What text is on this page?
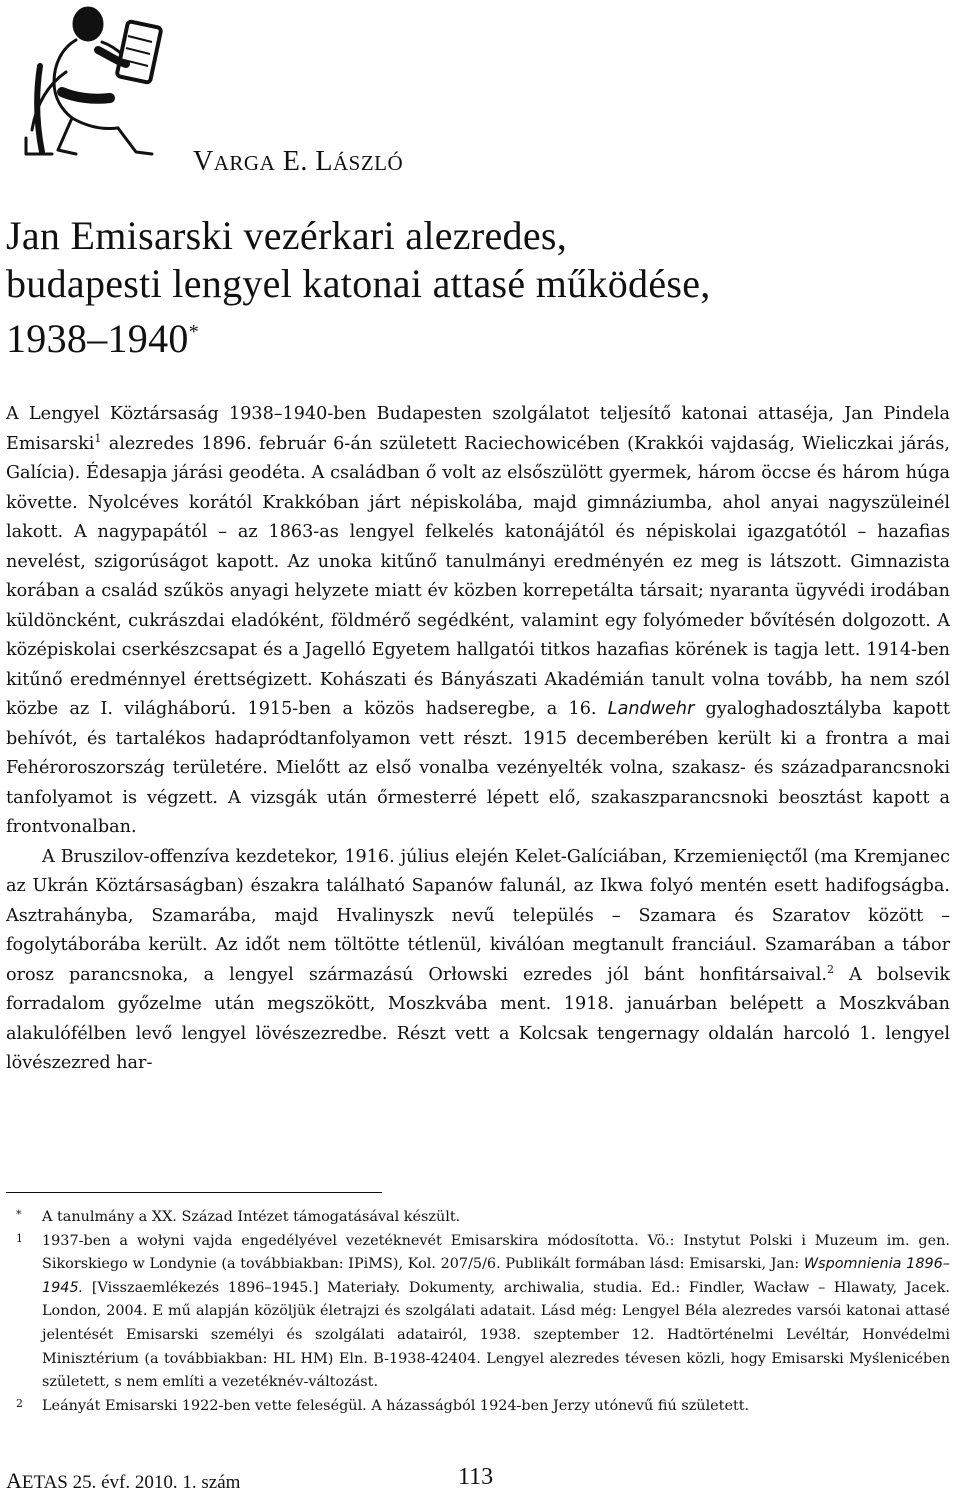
VARGA E. LÁSZLÓ
Jan Emisarski vezérkari alezredes,
budapesti lengyel katonai attasé működése,
1938–1940*

A Lengyel Köztársaság 1938–1940-ben Budapesten szolgálatot teljesítő katonai attaséja, Jan Pindela Emisarski$^1$ alezredes 1896. február 6-án született Raciechowicében (Krakkói vajdaság, Wieliczkai járás, Galícia). Édesapja járási geodéta. A családban ő volt az elsőszülött gyermek, három öccse és három húga követte. Nyolcéves korától Krakkóban járt népiskolába, majd gimnáziumba, ahol anyai nagyszüleinél lakott. A nagypapától – az 1863-as lengyel felkelés katonájától és népiskolai igazgatótól – hazafias nevelést, szigorúságot kapott. Az unoka kitűnő tanulmányi eredményén ez meg is látszott. Gimnazista korában a család szűkös anyagi helyzete miatt év közben korrepetálta társait; nyaranta ügyvédi irodában küldöncként, cukrászdai eladóként, földmérő segédként, valamint egy folyómeder bővítésén dolgozott. A középiskolai cserkészcsapat és a Jagelló Egyetem hallgatói titkos hazafias körének is tagja lett. 1914-ben kitűnő eredménnyel érettségizett. Kohászati és Bányászati Akadémián tanult volna tovább, ha nem szól közbe az I. világháború. 1915-ben a közös hadseregbe, a 16. Landwehr gyaloghadosztályba kapott behívót, és tartalékos hadapródtanfolyamon vett részt. 1915 decemberében került ki a frontra a mai Fehéroroszország területére. Mielőtt az első vonalba vezényelték volna, szakasz- és századparancsnoki tanfolyamot is végzett. A vizsgák után őrmesterré lépett elő, szakaszparancsnoki beosztást kapott a frontvonalban.

A Bruszilov-offenzíva kezdetekor, 1916. július elején Kelet-Galíciában, Krzemienięctől (ma Kremjanec az Ukrán Köztársaságban) északra található Sapanów falunál, az Ikwa folyó mentén esett hadifogságba. Asztrahányba, Szamarába, majd Hvalinyszk nevű település – Szamara és Szaratov között – fogolytáborába került. Az időt nem töltötte tétlenül, kiválóan megtanult franciául. Szamarában a tábor orosz parancsnoka, a lengyel származású Orłowski ezredes jól bánt honfitársaival.$^2$ A bolsevik forradalom győzelme után megszökött, Moszkvába ment. 1918. januárban belépett a Moszkvában alakulófélben levő lengyel lövészezredbe. Részt vett a Kolcsak tengernagy oldalán harcoló 1. lengyel lövészezred har-

* A tanulmány a XX. Század Intézet támogatásával készült.
1 1937-ben a wołyni vajda engedélyével vezetéknevét Emisarskira módosította. Vö.: Instytut Polski i Muzeum im. gen. Sikorskiego w Londynie (a továbbiakban: IPiMS), Kol. 207/5/6. Publikált formában lásd: Emisarski, Jan: Wspomnienia 1896–1945. [Visszaemlékezés 1896–1945.] Materiały. Dokumenty, archiwalia, studia. Ed.: Findler, Wacław – Hlawaty, Jacek. London, 2004. E mű alapján közöljük életrajzi és szolgálati adatait. Lásd még: Lengyel Béla alezredes varsói katonai attasé jelentését Emisarski személyi és szolgálati adatairól, 1938. szeptember 12. Hadtörténelmi Levéltár, Honvédelmi Minisztérium (a továbbiakban: HL HM) Eln. B-1938-42404. Lengyel alezredes tévesen közli, hogy Emisarski Myślenicében született, s nem említi a vezetéknév-változást.
2 Leányát Emisarski 1922-ben vette feleségül. A házasságból 1924-ben Jerzy utónevű fiú született.
AETAS 25. évf. 2010. 1. szám	113
